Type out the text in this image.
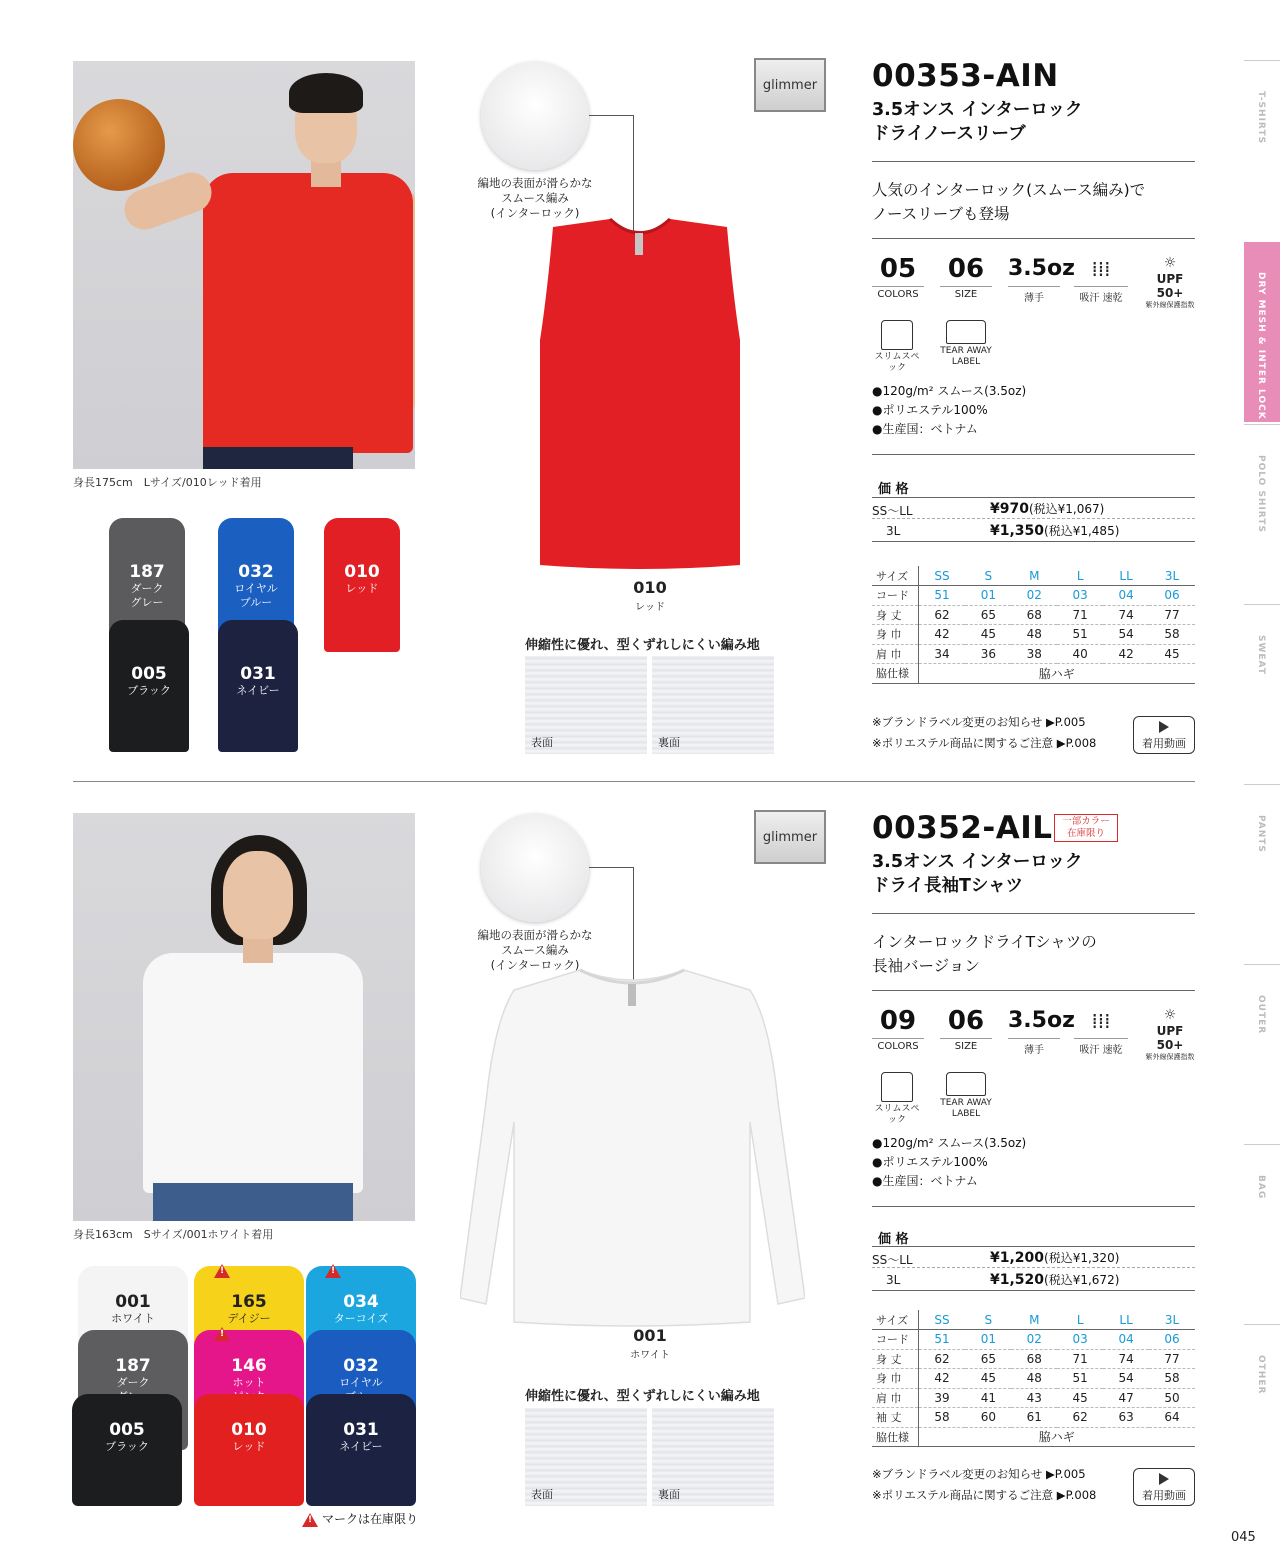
身長175cm　Lサイズ/010レッド着用
187
ダーク
グレー
032
ロイヤル
ブルー
010
レッド
005
ブラック
031
ネイビー
編地の表面が滑らかな
スムース編み
(インターロック)
010
レッド
伸縮性に優れ、型くずれしにくい編み地
表面	裏面
glimmer 00353-AIN
3.5オンス インターロック
ドライノースリーブ
人気のインターロック(スムース編み)で
ノースリーブも登場
05
COLORS
06
SIZE
3.5oz
薄手
⁞⁞⁞
吸汗 速乾
☼
UPF 50+
紫外線保護指数
スリムスペック
TEAR AWAY LABEL
●120g/m² スムース(3.5oz)
●ポリエステル100%
●生産国：ベトナム
価 格
SS〜LL	¥970(税込¥1,067)
3L	¥1,350(税込¥1,485)
サイズ	SS	S	M	L	LL	3L
コード	51	01	02	03	04	06
身 丈	62	65	68	71	74	77
身 巾	42	45	48	51	54	58
肩 巾	34	36	38	40	42	45
脇仕様	脇ハギ					
※ブランドラベル変更のお知らせ ▶P.005
※ポリエステル商品に関するご注意 ▶P.008	着用動画
身長163cm　Sサイズ/001ホワイト着用
001
ホワイト
165
デイジー
!
034
ターコイズ
!
187
ダーク

146
ホット

!
032
ロイヤル

005
ブラック
010
レッド
031
ネイビー
編地の表面が滑らかな
スムース編み
(インターロック)
001
ホワイト
伸縮性に優れ、型くずれしにくい編み地
表面	裏面
glimmer 00352-AIL	一部カラー
在庫限り
3.5オンス インターロック
ドライ長袖Tシャツ
インターロックドライTシャツの
長袖バージョン
09
COLORS
06
SIZE
3.5oz
薄手
⁞⁞⁞
吸汗 速乾
☼
UPF 50+
紫外線保護指数
スリムスペック
TEAR AWAY LABEL
●120g/m² スムース(3.5oz)
●ポリエステル100%
●生産国：ベトナム
価 格
SS〜LL	¥1,200(税込¥1,320)
3L	¥1,520(税込¥1,672)
サイズ	SS	S	M	L	LL	3L
コード	51	01	02	03	04	06
身 丈	62	65	68	71	74	77
身 巾	42	45	48	51	54	58
肩 巾	39	41	43	45	47	50
袖 丈	58	60	61	62	63	64
脇仕様	脇ハギ					
※ブランドラベル変更のお知らせ ▶P.005
※ポリエステル商品に関するご注意 ▶P.008	着用動画
!マークは在庫限り
T-SHIRTS
DRY MESH & INTER LOCK
POLO SHIRTS
SWEAT
PANTS
OUTER
BAG
OTHER
045
